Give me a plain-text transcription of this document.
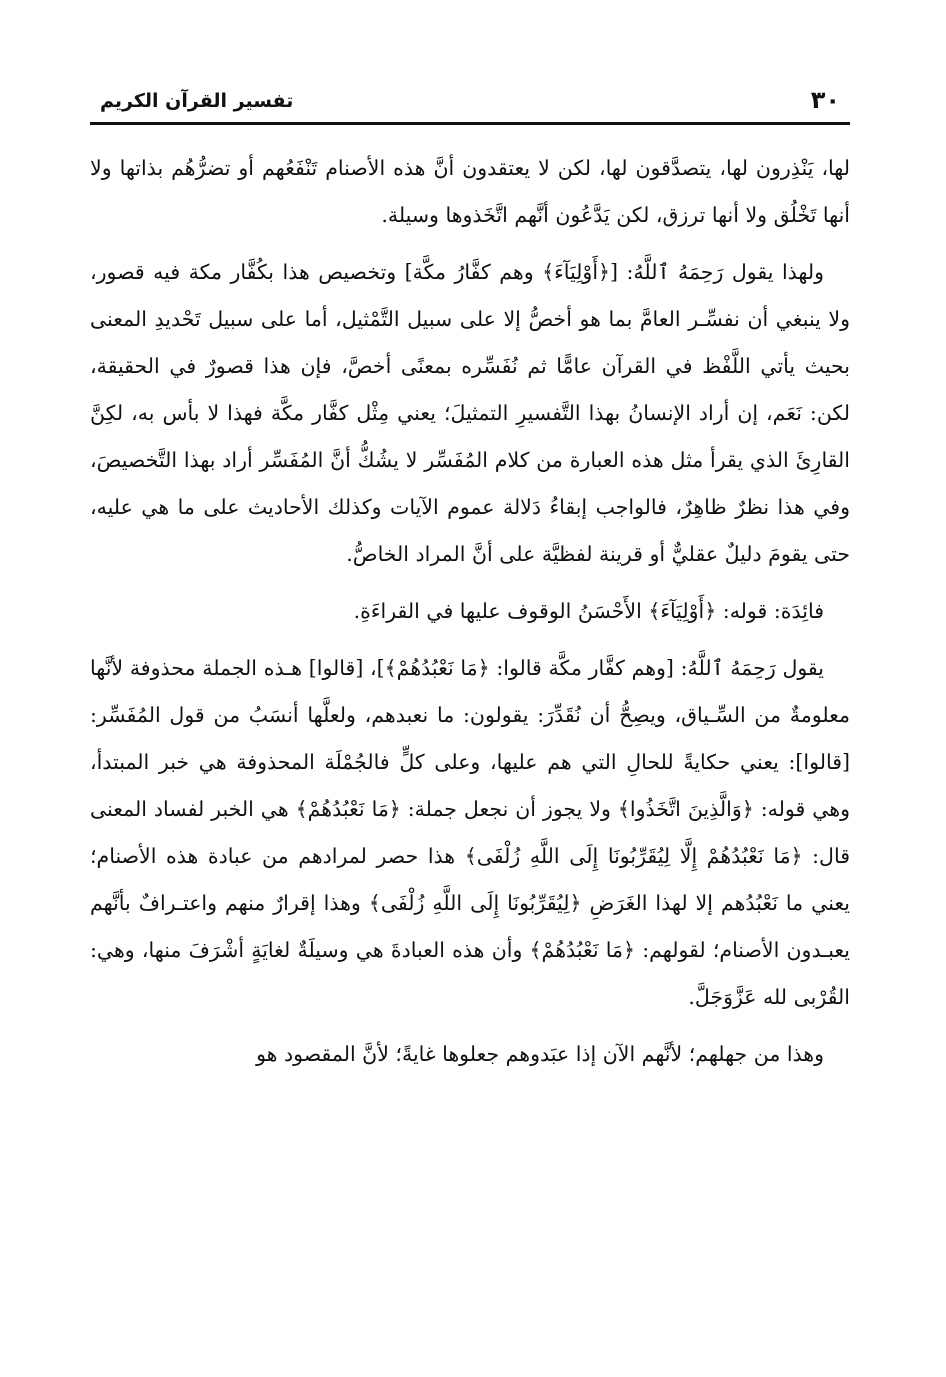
٣٠
تفسير القرآن الكريم

لها، يَنْذِرون لها، يتصدَّقون لها، لكن لا يعتقدون أنَّ هذه الأصنام تَنْفَعُهم أو تضرُّهُم بذاتها ولا أنها تَخْلُق ولا أنها ترزق، لكن يَدَّعُون أنَّهم اتَّخَذوها وسيلة.

ولهذا يقول رَحِمَهُ ٱللَّهُ: [﴿أَوْلِيَآءَ﴾ وهم كفَّارُ مكَّة] وتخصيص هذا بكُفَّار مكة فيه قصور، ولا ينبغي أن نفسِّـر العامَّ بما هو أخصُّ إلا على سبيل التَّمْثيل، أما على سبيل تَحْديدِ المعنى بحيث يأتي اللَّفْظ في القرآن عامًّا ثم نُفَسِّره بمعنًى أخصَّ، فإن هذا قصورٌ في الحقيقة، لكن: نَعَم، إن أراد الإنسانُ بهذا التَّفسيرِ التمثيلَ؛ يعني مِثْل كفَّار مكَّة فهذا لا بأس به، لكِنَّ القارِئَ الذي يقرأ مثل هذه العبارة من كلام المُفَسِّر لا يشُكُّ أنَّ المُفَسِّر أراد بهذا التَّخصيصَ، وفي هذا نظرٌ ظاهِرٌ، فالواجب إبقاءُ دَلالة عموم الآيات وكذلك الأحاديث على ما هي عليه، حتى يقومَ دليلٌ عقليٌّ أو قرينة لفظيَّة على أنَّ المراد الخاصُّ.

فائِدَة: قوله: ﴿أَوْلِيَآءَ﴾ الأَحْسَنُ الوقوف عليها في القراءَةِ.

يقول رَحِمَهُ ٱللَّهُ: [وهم كفَّار مكَّة قالوا: ﴿مَا نَعْبُدُهُمْ﴾]، [قالوا] هـذه الجملة محذوفة لأنَّها معلومةٌ من السِّـياق، ويصِحُّ أن نُقَدِّرَ: يقولون: ما نعبدهم، ولعلَّها أنسَبُ من قول المُفَسِّر: [قالوا]: يعني حكايةً للحالِ التي هم عليها، وعلى كلٍّ فالجُمْلَة المحذوفة هي خبر المبتدأ، وهي قوله: ﴿وَالَّذِينَ اتَّخَذُوا﴾ ولا يجوز أن نجعل جملة: ﴿مَا نَعْبُدُهُمْ﴾ هي الخبر لفساد المعنى قال: ﴿مَا نَعْبُدُهُمْ إِلَّا لِيُقَرِّبُونَا إِلَى اللَّهِ زُلْفَى﴾ هذا حصر لمرادهم من عبادة هذه الأصنام؛ يعني ما نَعْبُدُهم إلا لهذا الغَرَضِ ﴿لِيُقَرِّبُونَا إِلَى اللَّهِ زُلْفَى﴾ وهذا إقرارٌ منهم واعتـرافٌ بأنَّهم يعبـدون الأصنام؛ لقولهم: ﴿مَا نَعْبُدُهُمْ﴾ وأن هذه العبادةَ هي وسيلَةٌ لغايَةٍ أشْرَفَ منها، وهي: القُرْبى لله عَزَّوَجَلَّ.

وهذا من جهلهم؛ لأنَّهم الآن إذا عبَدوهم جعلوها غايةً؛ لأنَّ المقصود هو
